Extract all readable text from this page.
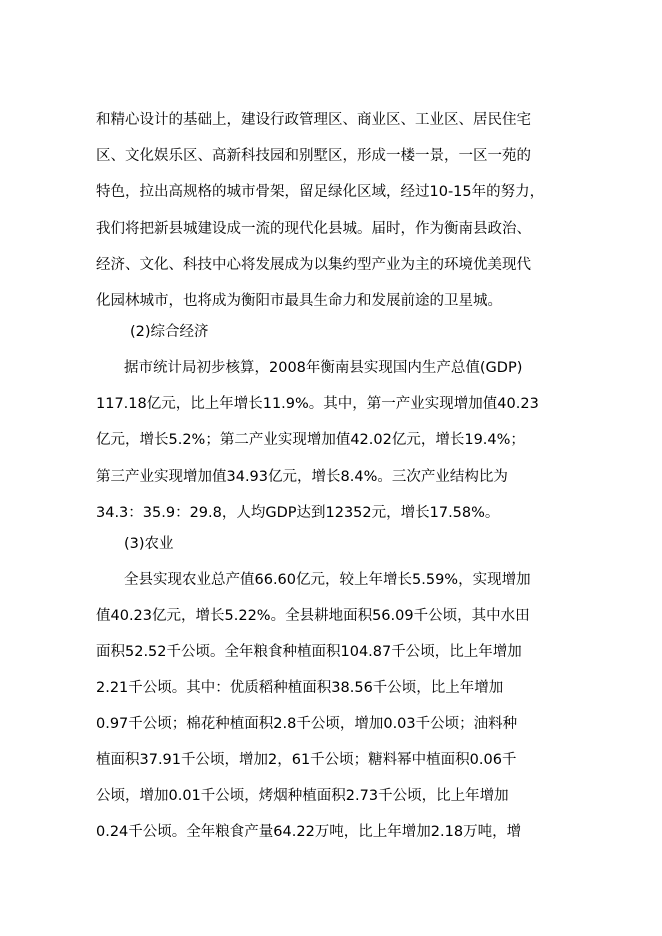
和精心设计的基础上，建设行政管理区、商业区、工业区、居民住宅
区、文化娱乐区、高新科技园和别墅区，形成一楼一景，一区一苑的
特色，拉出高规格的城市骨架，留足绿化区域，经过10-15年的努力，
我们将把新县城建设成一流的现代化县城。届时，作为衡南县政治、
经济、文化、科技中心将发展成为以集约型产业为主的环境优美现代
化园林城市，也将成为衡阳市最具生命力和发展前途的卫星城。
(2)综合经济
据市统计局初步核算，2008年衡南县实现国内生产总值(GDP)
117.18亿元，比上年增长11.9%。其中，第一产业实现增加值40.23
亿元，增长5.2%；第二产业实现增加值42.02亿元，增长19.4%；
第三产业实现增加值34.93亿元，增长8.4%。三次产业结构比为
34.3：35.9：29.8，人均GDP达到12352元，增长17.58%。
(3)农业
全县实现农业总产值66.60亿元，较上年增长5.59%，实现增加
值40.23亿元，增长5.22%。全县耕地面积56.09千公顷，其中水田
面积52.52千公顷。全年粮食种植面积104.87千公顷，比上年增加
2.21千公顷。其中：优质稻种植面积38.56千公顷，比上年增加
0.97千公顷；棉花种植面积2.8千公顷，增加0.03千公顷；油料种
植面积37.91千公顷，增加2，61千公顷；糖料幂中植面积0.06千
公顷，增加0.01千公顷，烤烟种植面积2.73千公顷，比上年增加
0.24千公顷。全年粮食产量64.22万吨，比上年增加2.18万吨，增
